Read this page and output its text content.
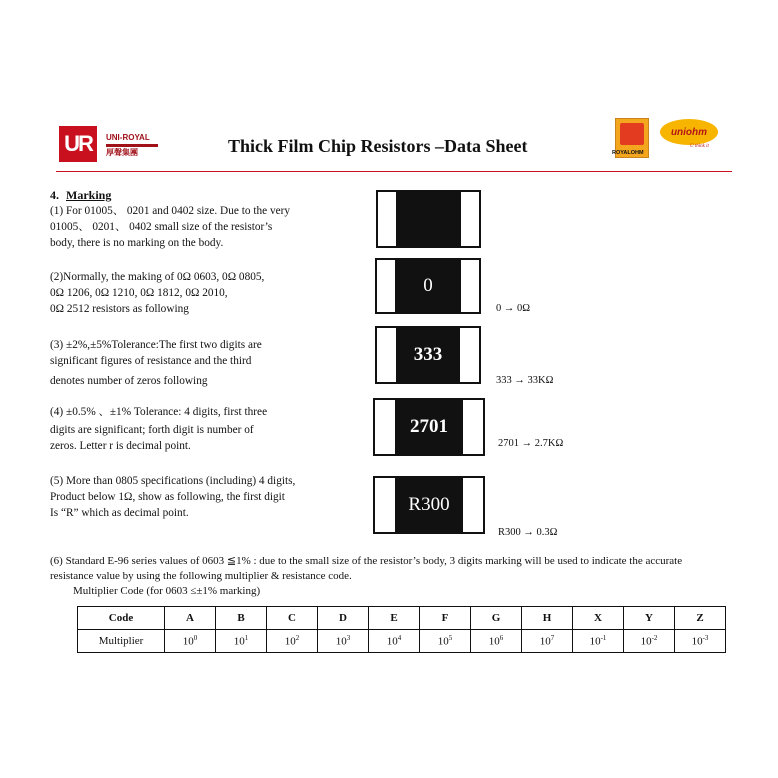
UR	UNI-ROYAL
厚聲集團	Thick Film Chip Resistors –Data Sheet	ROYALOHM
uniohm
U think it
4. Marking
(1) For 01005、 0201 and 0402 size. Due to the very
01005、 0201、 0402 small size of the resistor’s
body, there is no marking on the body.
(2)Normally, the making of 0Ω 0603, 0Ω 0805,
0Ω 1206, 0Ω 1210, 0Ω 1812, 0Ω 2010,
0Ω 2512 resistors as following
(3) ±2%,±5%Tolerance:The first two digits are
significant figures of resistance and the third
denotes number of zeros following
(4) ±0.5% 、±1% Tolerance: 4 digits, first three
digits are significant; forth digit is number of
zeros. Letter r is decimal point.
(5) More than 0805 specifications (including) 4 digits,
Product below 1Ω, show as following, the first digit
Is “R” which as decimal point.
0
0 → 0Ω
333
333 → 33KΩ
2701
2701 → 2.7KΩ
R300
R300 → 0.3Ω
(6) Standard E-96 series values of 0603 ≦1% : due to the small size of the resistor’s body, 3 digits marking will be used to indicate the accurate
resistance value by using the following multiplier & resistance code.
Multiplier Code (for 0603 ≤±1% marking)
Code	A	B	C	D	E	F	G	H	X	Y	Z
Multiplier	$10^0$	$10^1$	$10^2$	$10^3$	$10^4$	$10^5$	$10^6$	$10^7$	$10^{-1}$	$10^{-2}$	$10^{-3}$
